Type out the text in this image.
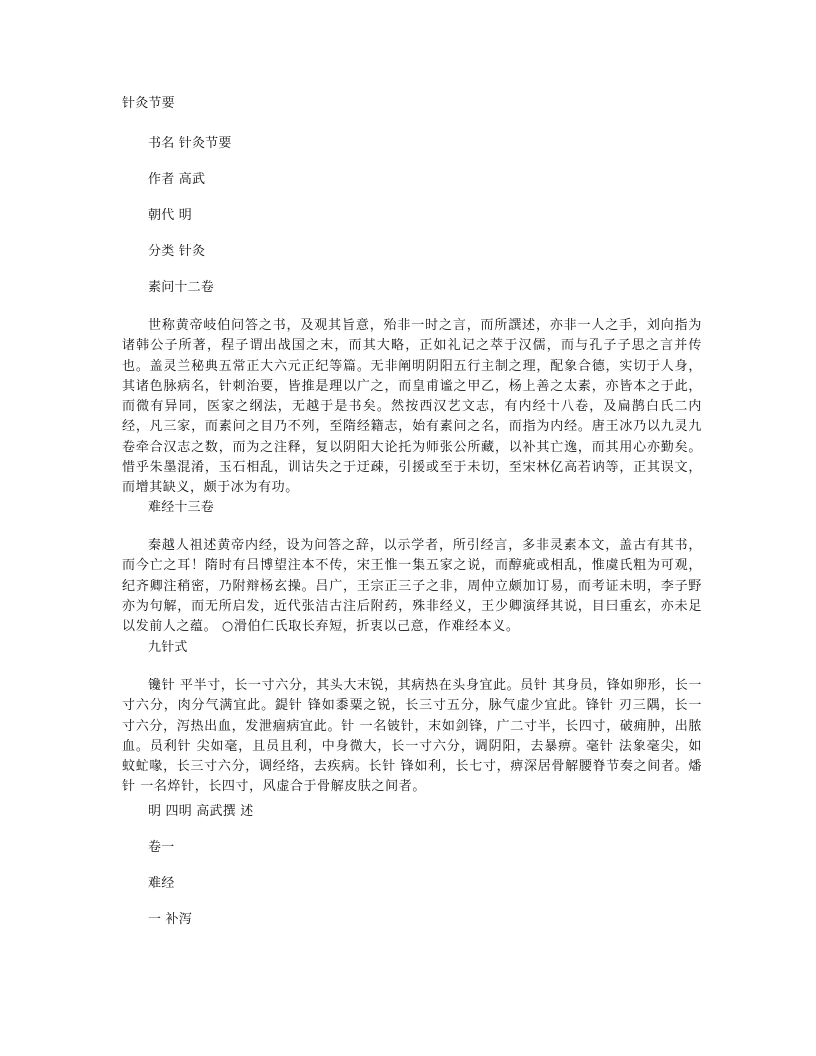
针灸节要
书名 针灸节要
作者 高武
朝代 明
分类 针灸
素问十二卷
世称黄帝岐伯问答之书，及观其旨意，殆非一时之言，而所譔述，亦非一人之手，刘向指为诸韩公子所著，程子谓出战国之末，而其大略，正如礼记之萃于汉儒，而与孔子子思之言并传也。盖灵兰秘典五常正大六元正纪等篇。无非阐明阴阳五行主制之理，配象合德，实切于人身，其诸色脉病名，针刺治要，皆推是理以广之，而皇甫谧之甲乙，杨上善之太素，亦皆本之于此，而微有异同，医家之纲法，无越于是书矣。然按西汉艺文志，有内经十八卷，及扁鹊白氏二内经，凡三家，而素问之目乃不列，至隋经籍志，始有素问之名，而指为内经。唐王冰乃以九灵九卷牵合汉志之数，而为之注释，复以阴阳大论托为师张公所藏，以补其亡逸，而其用心亦勤矣。惜乎朱墨混淆，玉石相乱，训诂失之于迂疎，引援或至于未切，至宋林亿高若讷等，正其误文，而增其缺义，颇于冰为有功。
难经十三卷
秦越人祖述黄帝内经，设为问答之辞，以示学者，所引经言，多非灵素本文，盖古有其书，而今亡之耳！隋时有吕博望注本不传，宋王惟一集五家之说，而醇疵或相乱，惟虞氏粗为可观，纪齐卿注稍密，乃附辩杨玄操。吕广，王宗正三子之非，周仲立颇加订易，而考证未明，李子野亦为句解，而无所启发，近代张洁古注后附药，殊非经义，王少卿演绎其说，目曰重玄，亦未足以发前人之蕴。 ○滑伯仁氏取长弃短，折衷以己意，作难经本义。
九针式
镵针 平半寸，长一寸六分，其头大末锐，其病热在头身宜此。员针 其身员，锋如卵形，长一寸六分，肉分气满宜此。鍉针 锋如黍粟之锐，长三寸五分，脉气虚少宜此。锋针 刃三隅，长一寸六分，泻热出血，发泄痼病宜此。针 一名铍针，末如剑锋，广二寸半，长四寸，破痈肿，出脓血。员利针 尖如毫，且员且利，中身微大，长一寸六分，调阴阳，去暴痹。毫针 法象毫尖，如蚊虻喙，长三寸六分，调经络，去疾病。长针 锋如利，长七寸，痹深居骨解腰脊节奏之间者。燔针 一名焠针，长四寸，风虚合于骨解皮肤之间者。
明 四明 高武撰 述
卷一
难经
一 补泻
